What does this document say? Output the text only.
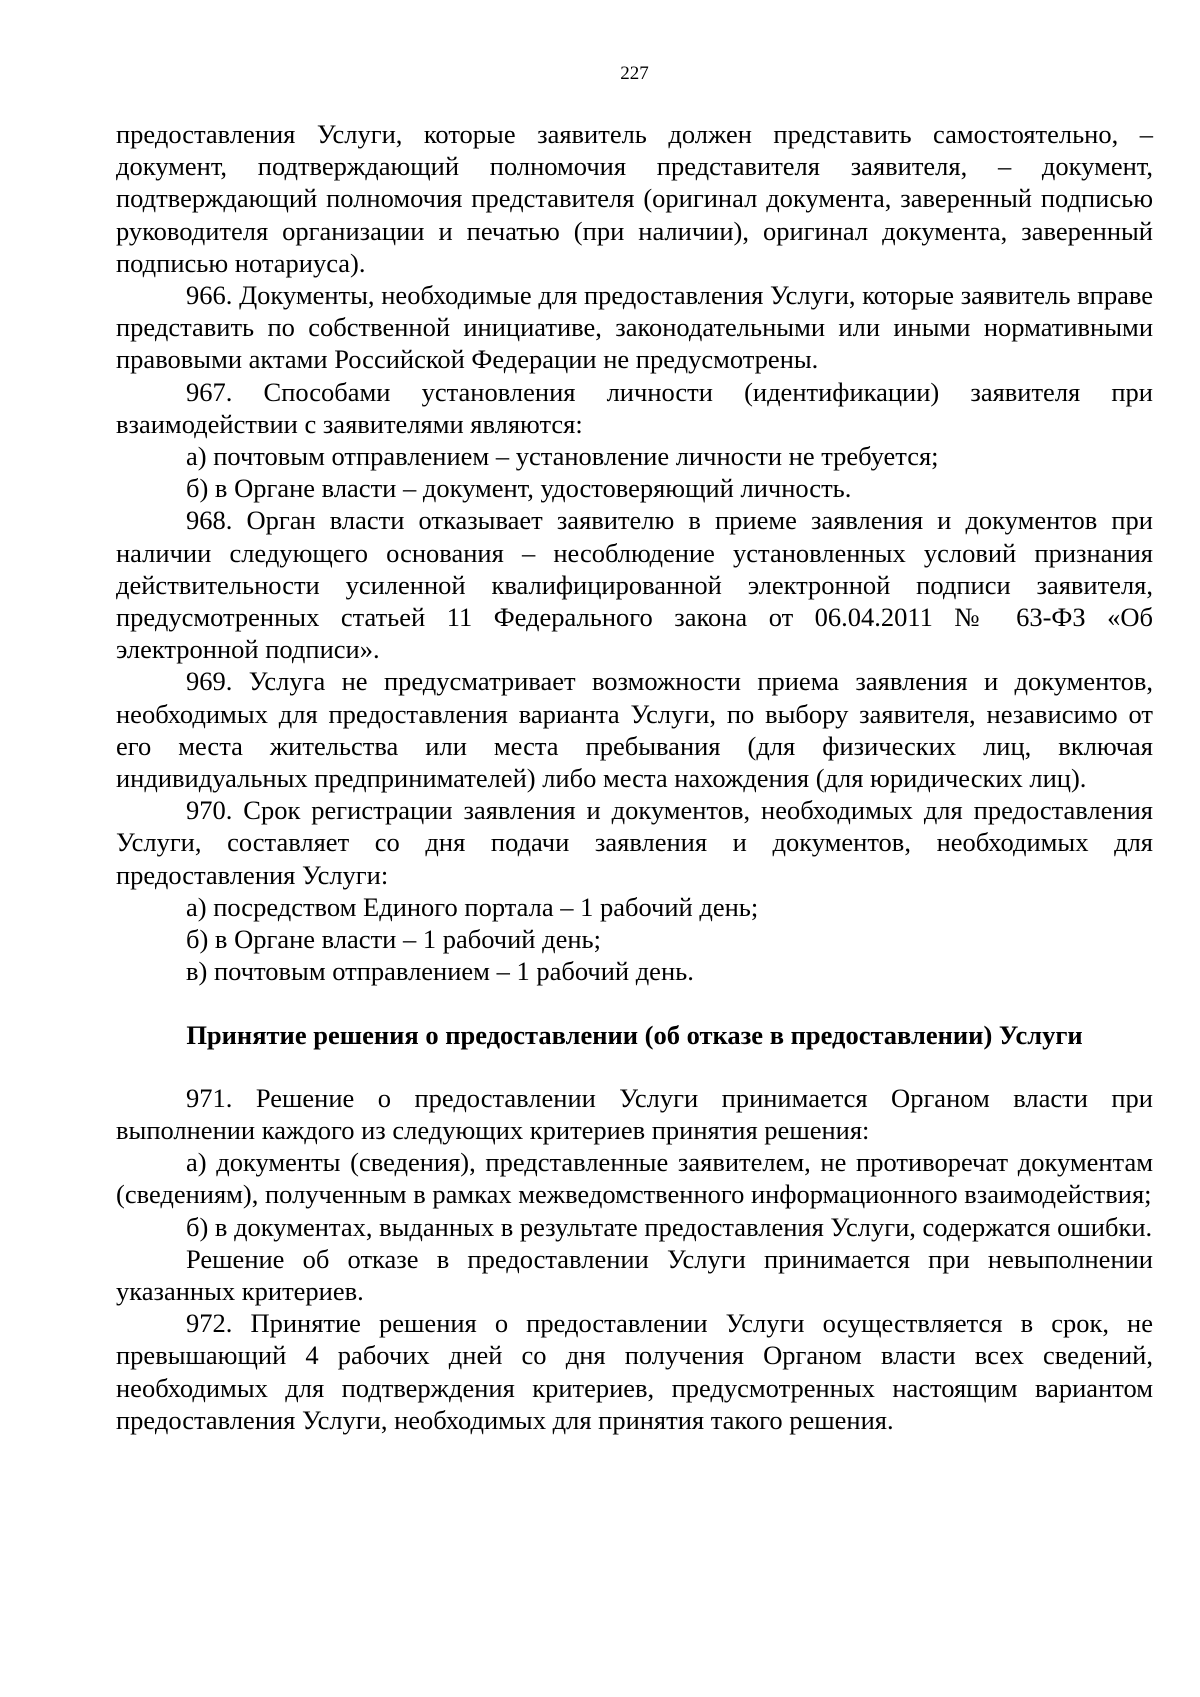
227

предоставления Услуги, которые заявитель должен представить самостоятельно, – документ, подтверждающий полномочия представителя заявителя, – документ, подтверждающий полномочия представителя (оригинал документа, заверенный подписью руководителя организации и печатью (при наличии), оригинал документа, заверенный подписью нотариуса).

966. Документы, необходимые для предоставления Услуги, которые заявитель вправе представить по собственной инициативе, законодательными или иными нормативными правовыми актами Российской Федерации не предусмотрены.

967. Способами установления личности (идентификации) заявителя при взаимодействии с заявителями являются:

а) почтовым отправлением – установление личности не требуется;

б) в Органе власти – документ, удостоверяющий личность.

968. Орган власти отказывает заявителю в приеме заявления и документов при наличии следующего основания – несоблюдение установленных условий признания действительности усиленной квалифицированной электронной подписи заявителя, предусмотренных статьей 11 Федерального закона от 06.04.2011 № 63-ФЗ «Об электронной подписи».

969. Услуга не предусматривает возможности приема заявления и документов, необходимых для предоставления варианта Услуги, по выбору заявителя, независимо от его места жительства или места пребывания (для физических лиц, включая индивидуальных предпринимателей) либо места нахождения (для юридических лиц).

970. Срок регистрации заявления и документов, необходимых для предоставления Услуги, составляет со дня подачи заявления и документов, необходимых для предоставления Услуги:

а) посредством Единого портала – 1 рабочий день;

б) в Органе власти – 1 рабочий день;

в) почтовым отправлением – 1 рабочий день.

Принятие решения о предоставлении (об отказе в предоставлении) Услуги

971. Решение о предоставлении Услуги принимается Органом власти при выполнении каждого из следующих критериев принятия решения:

а) документы (сведения), представленные заявителем, не противоречат документам (сведениям), полученным в рамках межведомственного информационного взаимодействия;

б) в документах, выданных в результате предоставления Услуги, содержатся ошибки.

Решение об отказе в предоставлении Услуги принимается при невыполнении указанных критериев.

972. Принятие решения о предоставлении Услуги осуществляется в срок, не превышающий 4 рабочих дней со дня получения Органом власти всех сведений, необходимых для подтверждения критериев, предусмотренных настоящим вариантом предоставления Услуги, необходимых для принятия такого решения.
